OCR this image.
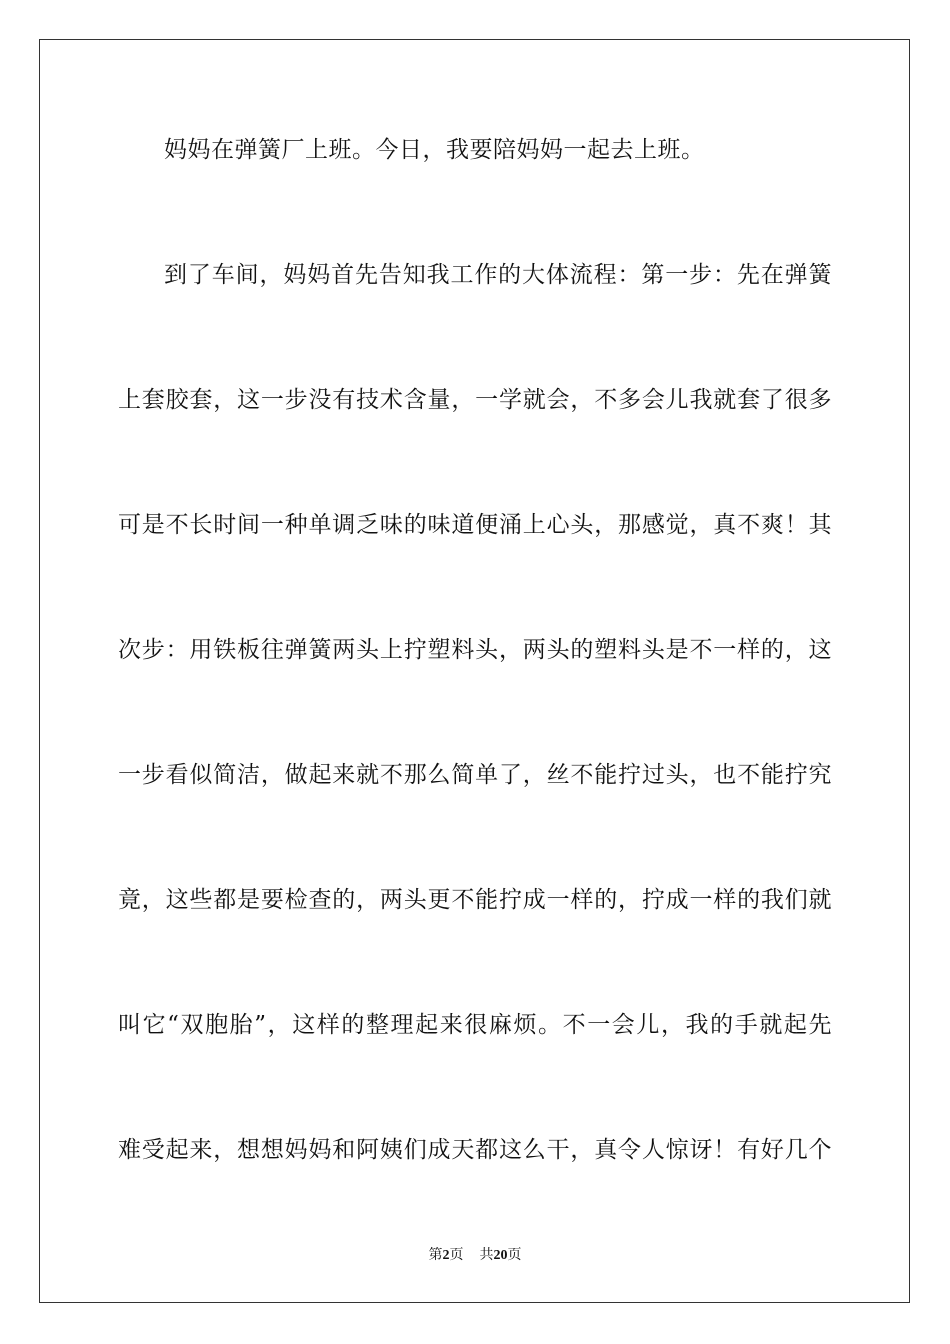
妈妈在弹簧厂上班。今日，我要陪妈妈一起去上班。
到了车间，妈妈首先告知我工作的大体流程：第一步：先在弹簧
上套胶套，这一步没有技术含量，一学就会，不多会儿我就套了很多
可是不长时间一种单调乏味的味道便涌上心头，那感觉，真不爽！其
次步：用铁板往弹簧两头上拧塑料头，两头的塑料头是不一样的，这
一步看似简洁，做起来就不那么简单了，丝不能拧过头，也不能拧究
竟，这些都是要检查的，两头更不能拧成一样的，拧成一样的我们就
叫它“双胞胎”，这样的整理起来很麻烦。不一会儿，我的手就起先
难受起来，想想妈妈和阿姨们成天都这么干，真令人惊讶！有好几个
第2页 共20页
